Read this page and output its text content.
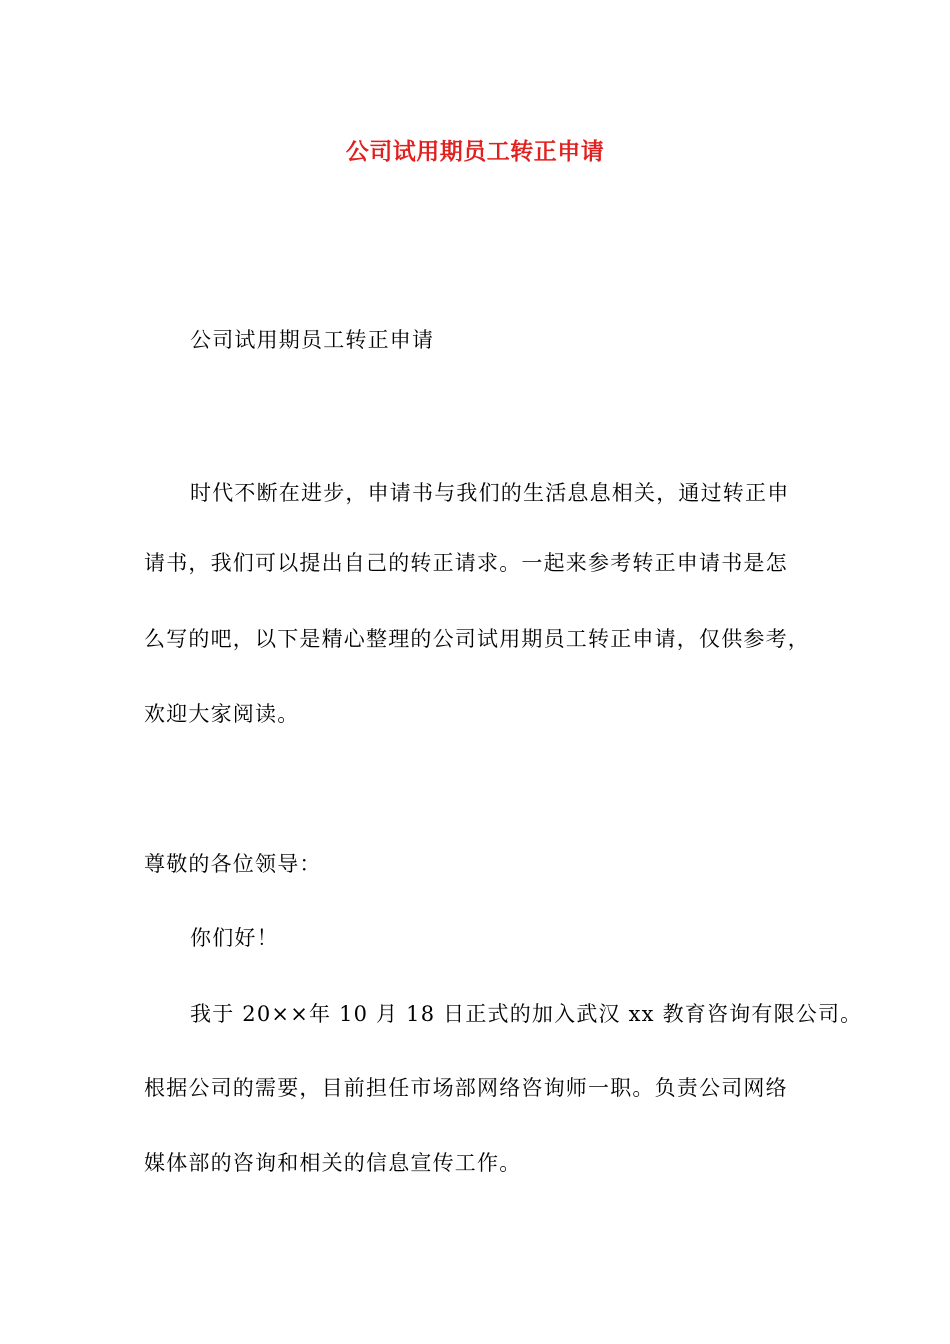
公司试用期员工转正申请
公司试用期员工转正申请
时代不断在进步，申请书与我们的生活息息相关，通过转正申
请书，我们可以提出自己的转正请求。一起来参考转正申请书是怎
么写的吧，以下是精心整理的公司试用期员工转正申请，仅供参考，
欢迎大家阅读。
尊敬的各位领导：
你们好！
我于 20××年 10 月 18 日正式的加入武汉 xx 教育咨询有限公司。
根据公司的需要，目前担任市场部网络咨询师一职。负责公司网络
媒体部的咨询和相关的信息宣传工作。
